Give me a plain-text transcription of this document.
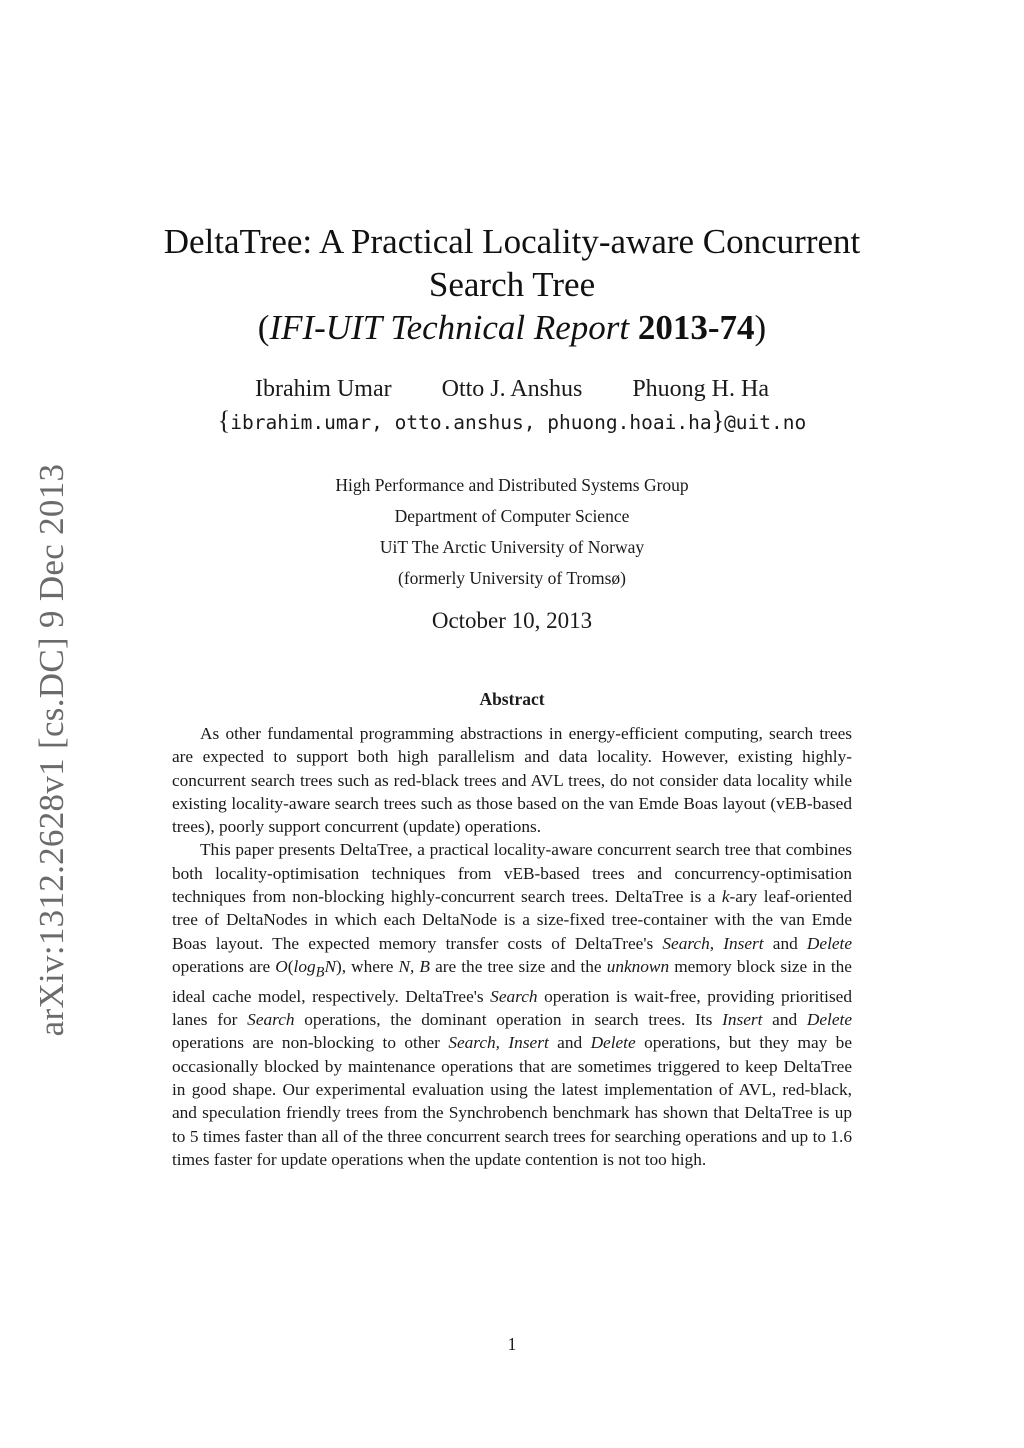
arXiv:1312.2628v1 [cs.DC] 9 Dec 2013
DeltaTree: A Practical Locality-aware Concurrent
Search Tree
(IFI-UIT Technical Report 2013-74)
Ibrahim Umar Otto J. Anshus Phuong H. Ha
{ibrahim.umar, otto.anshus, phuong.hoai.ha}@uit.no
High Performance and Distributed Systems Group
Department of Computer Science
UiT The Arctic University of Norway
(formerly University of Tromsø)
October 10, 2013
Abstract

As other fundamental programming abstractions in energy-efficient computing, search trees are expected to support both high parallelism and data locality. However, existing highly-concurrent search trees such as red-black trees and AVL trees, do not consider data locality while existing locality-aware search trees such as those based on the van Emde Boas layout (vEB-based trees), poorly support concurrent (update) operations.

This paper presents DeltaTree, a practical locality-aware concurrent search tree that combines both locality-optimisation techniques from vEB-based trees and concurrency-optimisation techniques from non-blocking highly-concurrent search trees. DeltaTree is a k-ary leaf-oriented tree of DeltaNodes in which each DeltaNode is a size-fixed tree-container with the van Emde Boas layout. The expected memory transfer costs of DeltaTree's Search, Insert and Delete operations are $O(\log_BN)$, where N, B are the tree size and the unknown memory block size in the ideal cache model, respectively. DeltaTree's Search operation is wait-free, providing prioritised lanes for Search operations, the dominant operation in search trees. Its Insert and Delete operations are non-blocking to other Search, Insert and Delete operations, but they may be occasionally blocked by maintenance operations that are sometimes triggered to keep DeltaTree in good shape. Our experimental evaluation using the latest implementation of AVL, red-black, and speculation friendly trees from the Synchrobench benchmark has shown that DeltaTree is up to 5 times faster than all of the three concurrent search trees for searching operations and up to 1.6 times faster for update operations when the update contention is not too high.

1
